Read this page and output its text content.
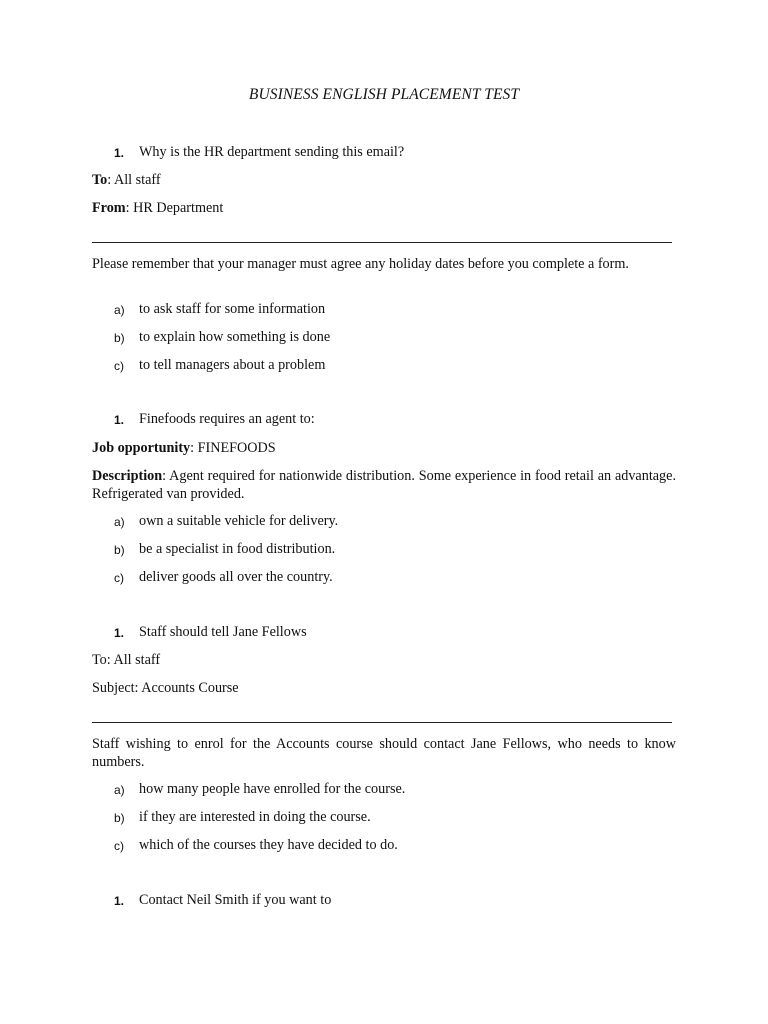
BUSINESS ENGLISH PLACEMENT TEST
1. Why is the HR department sending this email?
To: All staff
From: HR Department
Please remember that your manager must agree any holiday dates before you complete a form.
a) to ask staff for some information
b) to explain how something is done
c) to tell managers about a problem
1. Finefoods requires an agent to:
Job opportunity: FINEFOODS
Description: Agent required for nationwide distribution. Some experience in food retail an advantage. Refrigerated van provided.
a) own a suitable vehicle for delivery.
b) be a specialist in food distribution.
c) deliver goods all over the country.
1. Staff should tell Jane Fellows
To: All staff
Subject: Accounts Course
Staff wishing to enrol for the Accounts course should contact Jane Fellows, who needs to know numbers.
a) how many people have enrolled for the course.
b) if they are interested in doing the course.
c) which of the courses they have decided to do.
1. Contact Neil Smith if you want to
